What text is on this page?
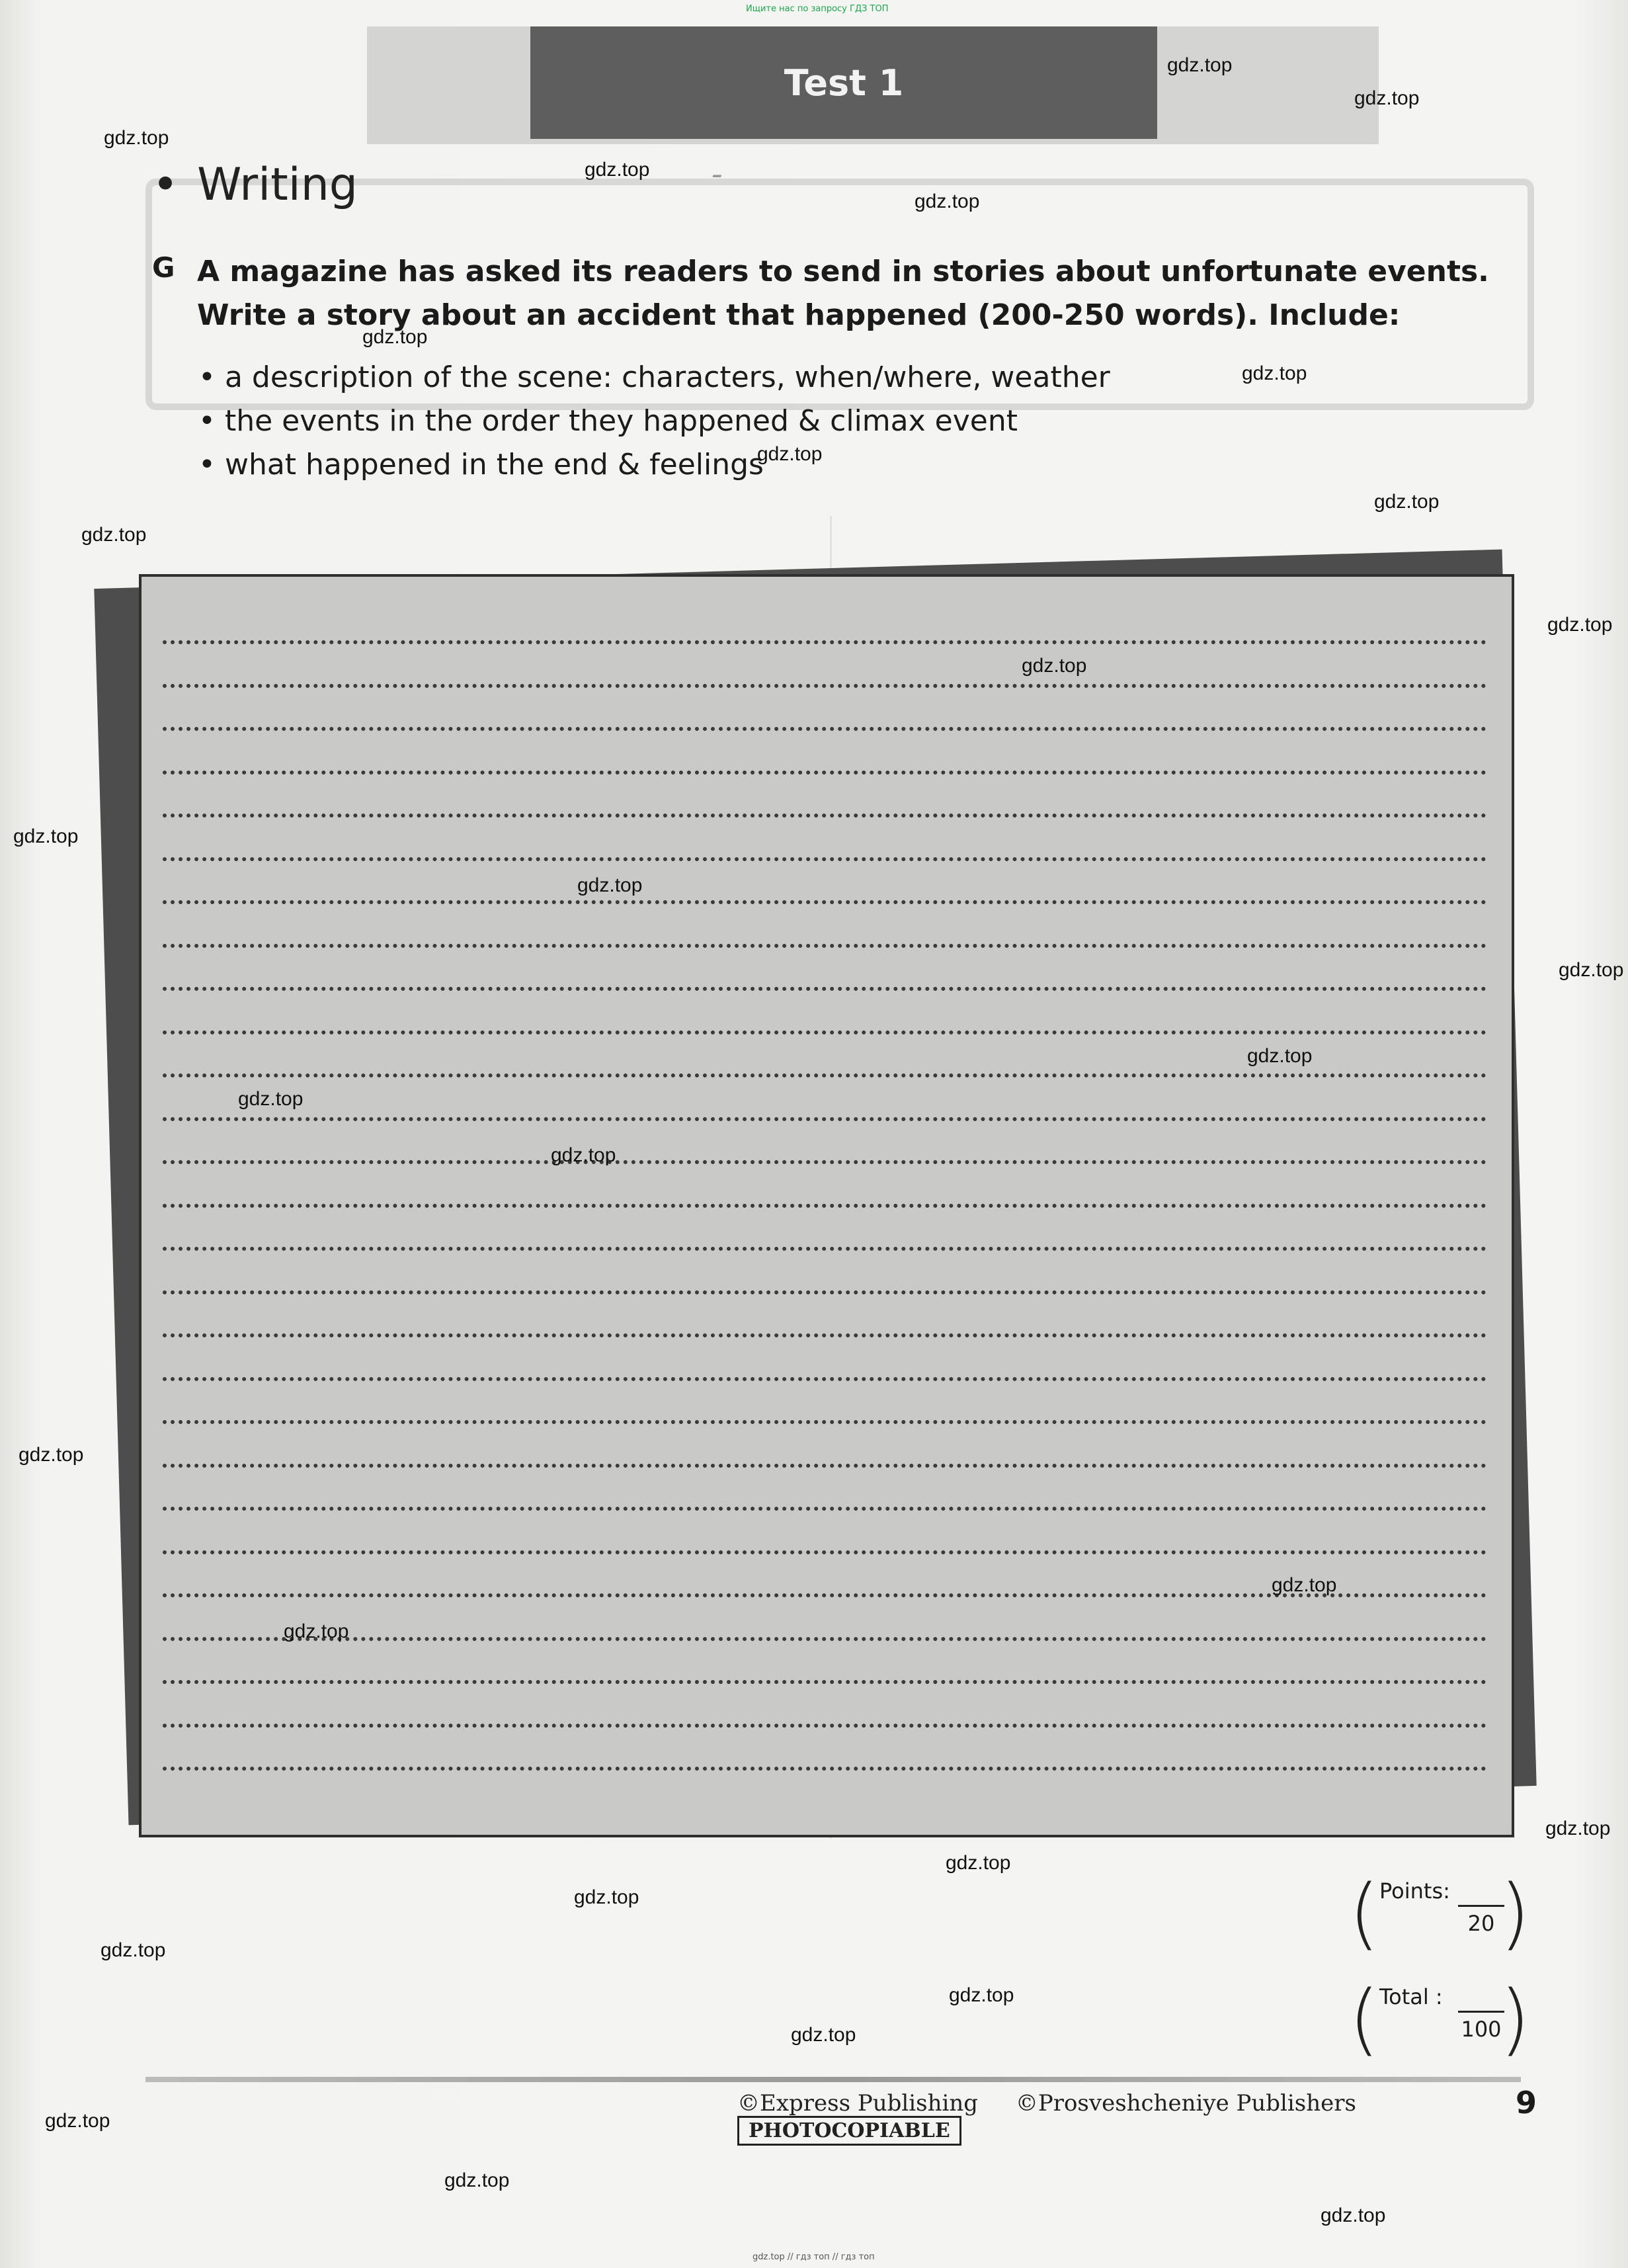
Ищите нас по запросу ГДЗ ТОП
Test 1
ـ
• Writing
G A magazine has asked its readers to send in stories about unfortunate events. Write a story about an accident that happened (200-250 words). Include:
• a description of the scene: characters, when/where, weather
• the events in the order they happened & climax event
• what happened in the end & feelings
( Points:
20 )
( Total :
100
)
©Express Publishing ©Prosveshcheniye Publishers PHOTOCOPIABLE
9
gdz.top
gdz.top
gdz.top
gdz.top
gdz.top
gdz.top
gdz.top
gdz.top
gdz.top
gdz.top
gdz.top
gdz.top
gdz.top
gdz.top
gdz.top
gdz.top
gdz.top
gdz.top
gdz.top
gdz.top
gdz.top
gdz.top
gdz.top
gdz.top
gdz.top
gdz.top
gdz.top
gdz.top
gdz.top
gdz.top
gdz.top // гдз топ // гдз топ
